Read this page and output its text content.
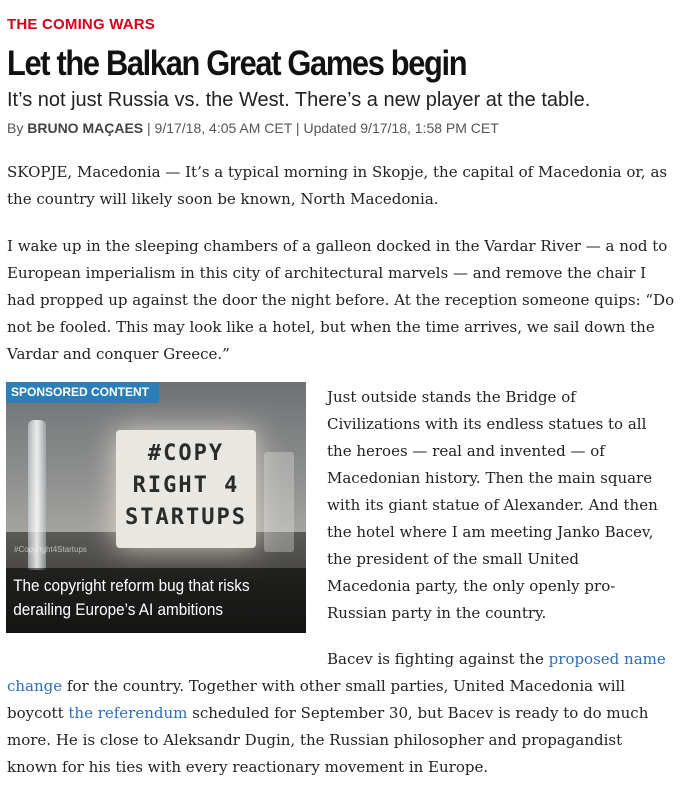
THE COMING WARS
Let the Balkan Great Games begin

It’s not just Russia vs. the West. There’s a new player at the table.

By BRUNO MAÇAES | 9/17/18, 4:05 AM CET | Updated 9/17/18, 1:58 PM CET

SKOPJE, Macedonia — It’s a typical morning in Skopje, the capital of Macedonia or, as the country will likely soon be known, North Macedonia.

I wake up in the sleeping chambers of a galleon docked in the Vardar River — a nod to European imperialism in this city of architectural marvels — and remove the chair I had propped up against the door the night before. At the reception someone quips: “Do not be fooled. This may look like a hotel, but when the time arrives, we sail down the Vardar and conquer Greece.”

#COPY
RIGHT 4
STARTUPS
SPONSORED CONTENT
#Copyright4Startups
The copyright reform bug that risks derailing Europe’s AI ambitions

Just outside stands the Bridge of Civilizations with its endless statues to all the heroes — real and invented — of Macedonian history. Then the main square with its giant statue of Alexander. And then the hotel where I am meeting Janko Bacev, the president of the small United Macedonia party, the only openly pro-Russian party in the country.

Bacev is fighting against the proposed name change for the country. Together with other small parties, United Macedonia will boycott the referendum scheduled for September 30, but Bacev is ready to do much more. He is close to Aleksandr Dugin, the Russian philosopher and propagandist known for his ties with every reactionary movement in Europe.
